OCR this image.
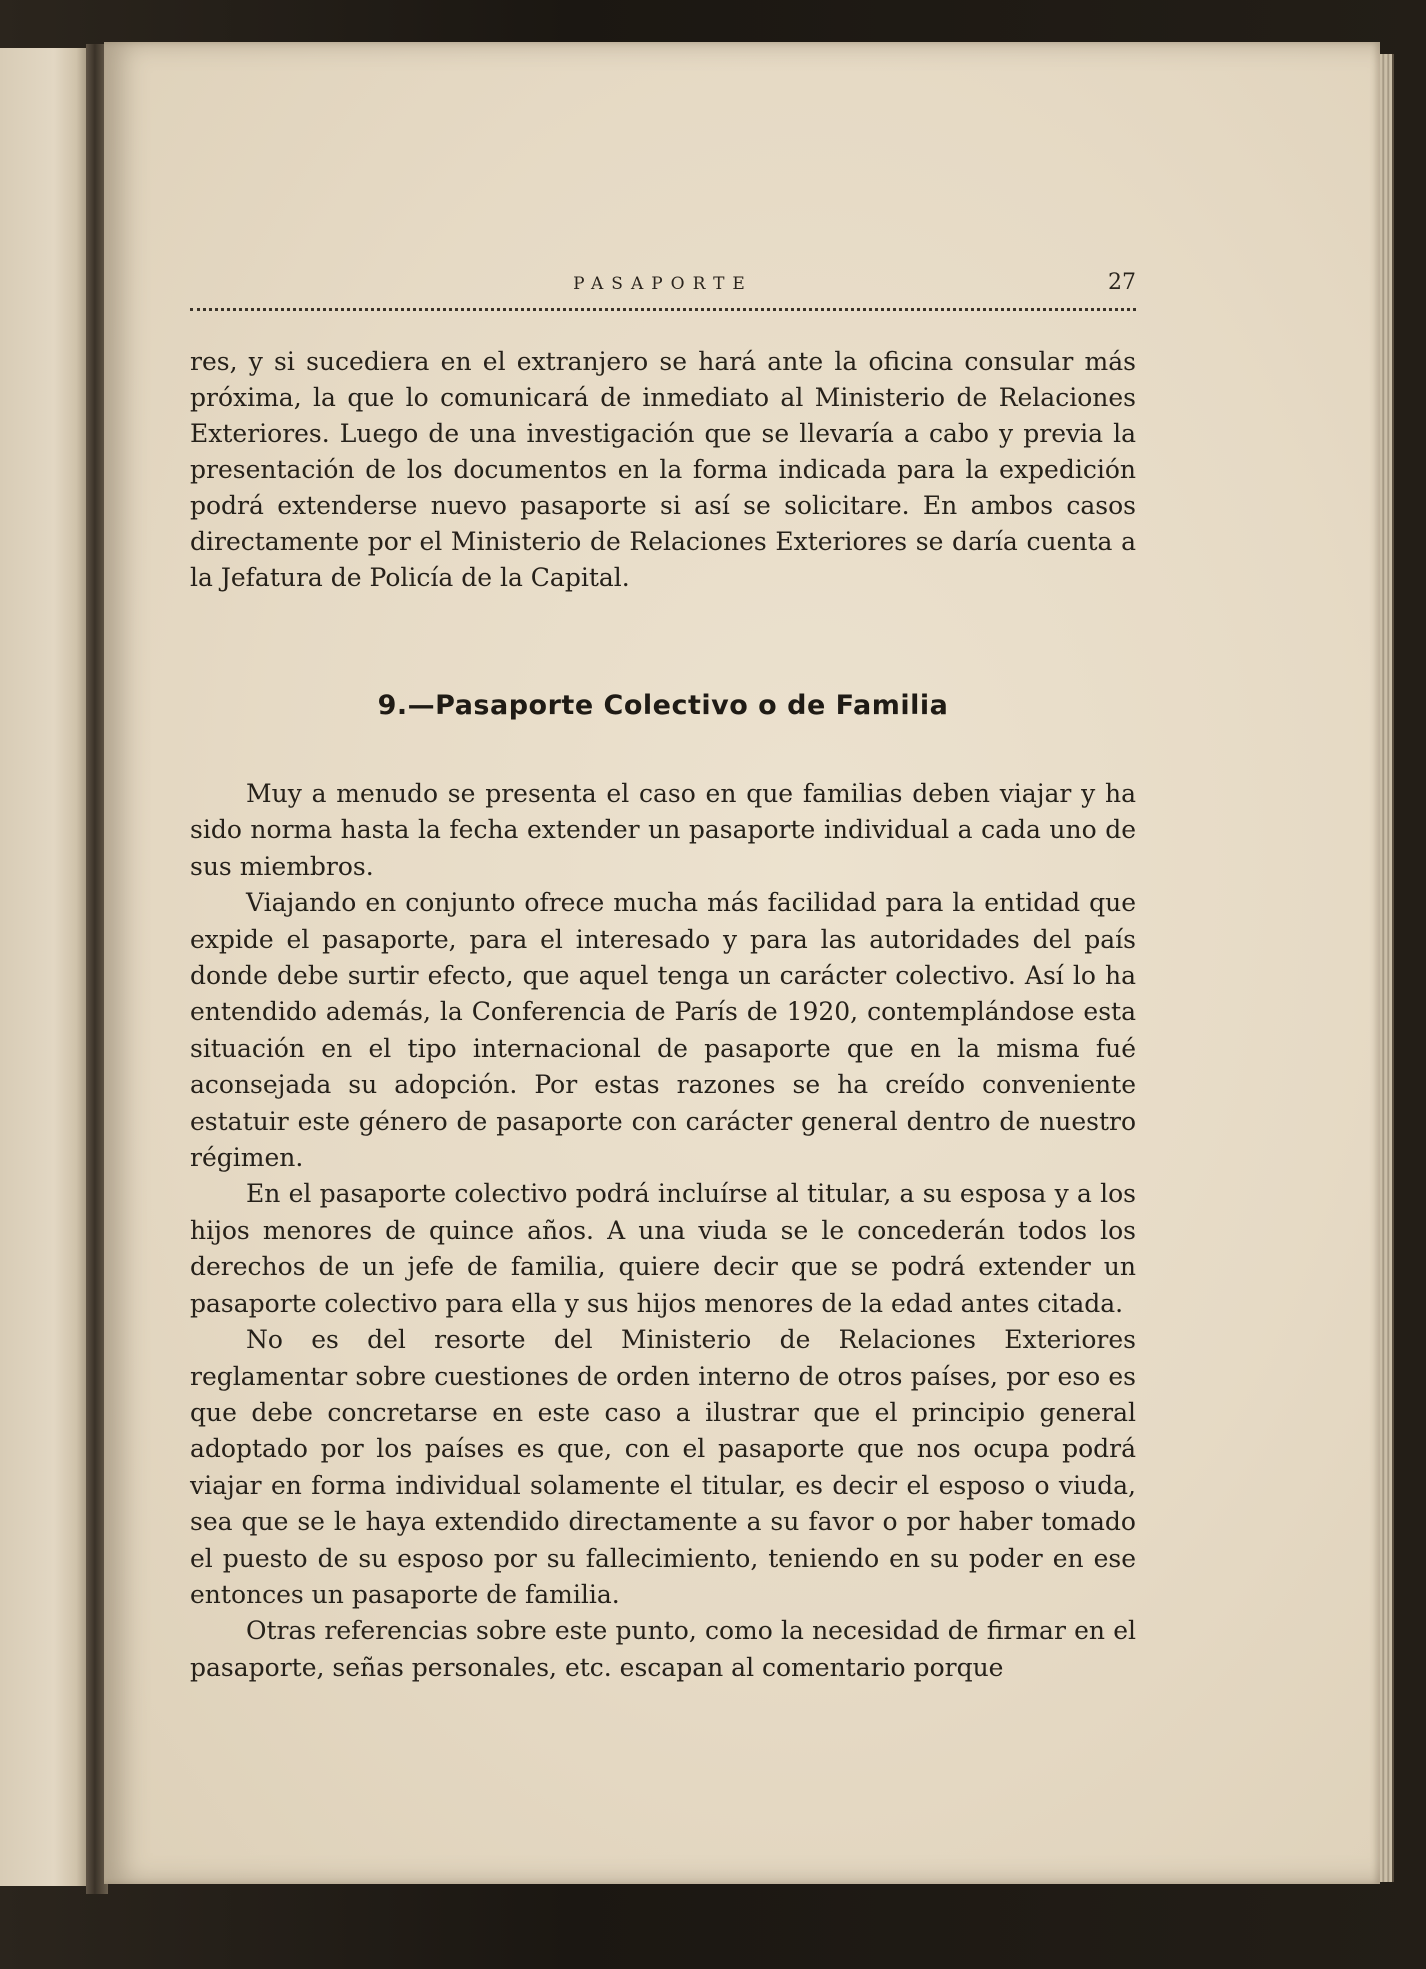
PASAPORTE	27

res, y si sucediera en el extranjero se hará ante la oficina consular más próxima, la que lo comunicará de inmediato al Ministerio de Relaciones Exteriores. Luego de una investigación que se llevaría a cabo y previa la presentación de los documentos en la forma indicada para la expedición podrá extenderse nuevo pasaporte si así se solicitare. En ambos casos directamente por el Ministerio de Relaciones Exteriores se daría cuenta a la Jefatura de Policía de la Capital.

9.—Pasaporte Colectivo o de Familia

Muy a menudo se presenta el caso en que familias deben viajar y ha sido norma hasta la fecha extender un pasaporte individual a cada uno de sus miembros.

Viajando en conjunto ofrece mucha más facilidad para la entidad que expide el pasaporte, para el interesado y para las autoridades del país donde debe surtir efecto, que aquel tenga un carácter colectivo. Así lo ha entendido además, la Conferencia de París de 1920, contemplándose esta situación en el tipo internacional de pasaporte que en la misma fué aconsejada su adopción. Por estas razones se ha creído conveniente estatuir este género de pasaporte con carácter general dentro de nuestro régimen.

En el pasaporte colectivo podrá incluírse al titular, a su esposa y a los hijos menores de quince años. A una viuda se le concederán todos los derechos de un jefe de familia, quiere decir que se podrá extender un pasaporte colectivo para ella y sus hijos menores de la edad antes citada.

No es del resorte del Ministerio de Relaciones Exteriores reglamentar sobre cuestiones de orden interno de otros países, por eso es que debe concretarse en este caso a ilustrar que el principio general adoptado por los países es que, con el pasaporte que nos ocupa podrá viajar en forma individual solamente el titular, es decir el esposo o viuda, sea que se le haya extendido directamente a su favor o por haber tomado el puesto de su esposo por su fallecimiento, teniendo en su poder en ese entonces un pasaporte de familia.

Otras referencias sobre este punto, como la necesidad de firmar en el pasaporte, señas personales, etc. escapan al comentario porque
